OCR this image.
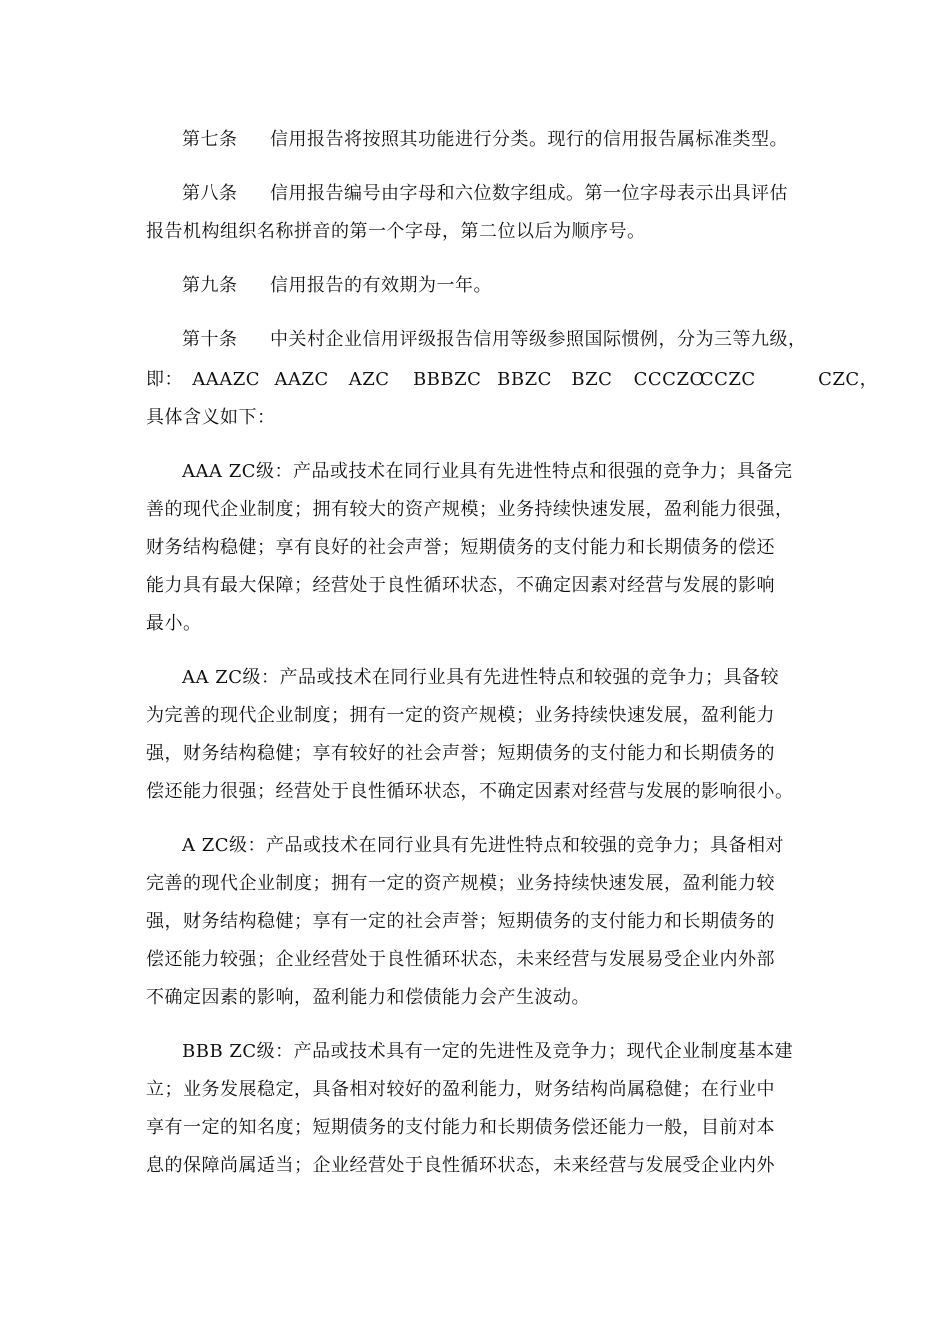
第七条 信用报告将按照其功能进行分类。现行的信用报告属标准类型。
第八条 信用报告编号由字母和六位数字组成。第一位字母表示出具评估
报告机构组织名称拼音的第一个字母，第二位以后为顺序号。
第九条 信用报告的有效期为一年。
第十条 中关村企业信用评级报告信用等级参照国际惯例，分为三等九级，
即： AAAZC AAZC AZC BBBZC BBZC BZC CCCZC CCZC	CZC，
具体含义如下：
AAA ZC级：产品或技术在同行业具有先进性特点和很强的竞争力；具备完
善的现代企业制度；拥有较大的资产规模；业务持续快速发展，盈利能力很强，
财务结构稳健；享有良好的社会声誉；短期债务的支付能力和长期债务的偿还
能力具有最大保障；经营处于良性循环状态，不确定因素对经营与发展的影响
最小。
AA ZC级：产品或技术在同行业具有先进性特点和较强的竞争力；具备较
为完善的现代企业制度；拥有一定的资产规模；业务持续快速发展，盈利能力
强，财务结构稳健；享有较好的社会声誉；短期债务的支付能力和长期债务的
偿还能力很强；经营处于良性循环状态，不确定因素对经营与发展的影响很小。
A ZC级：产品或技术在同行业具有先进性特点和较强的竞争力；具备相对
完善的现代企业制度；拥有一定的资产规模；业务持续快速发展，盈利能力较
强，财务结构稳健；享有一定的社会声誉；短期债务的支付能力和长期债务的
偿还能力较强；企业经营处于良性循环状态，未来经营与发展易受企业内外部
不确定因素的影响，盈利能力和偿债能力会产生波动。
BBB ZC级：产品或技术具有一定的先进性及竞争力；现代企业制度基本建
立；业务发展稳定，具备相对较好的盈利能力，财务结构尚属稳健；在行业中
享有一定的知名度；短期债务的支付能力和长期债务偿还能力一般，目前对本
息的保障尚属适当；企业经营处于良性循环状态，未来经营与发展受企业内外
